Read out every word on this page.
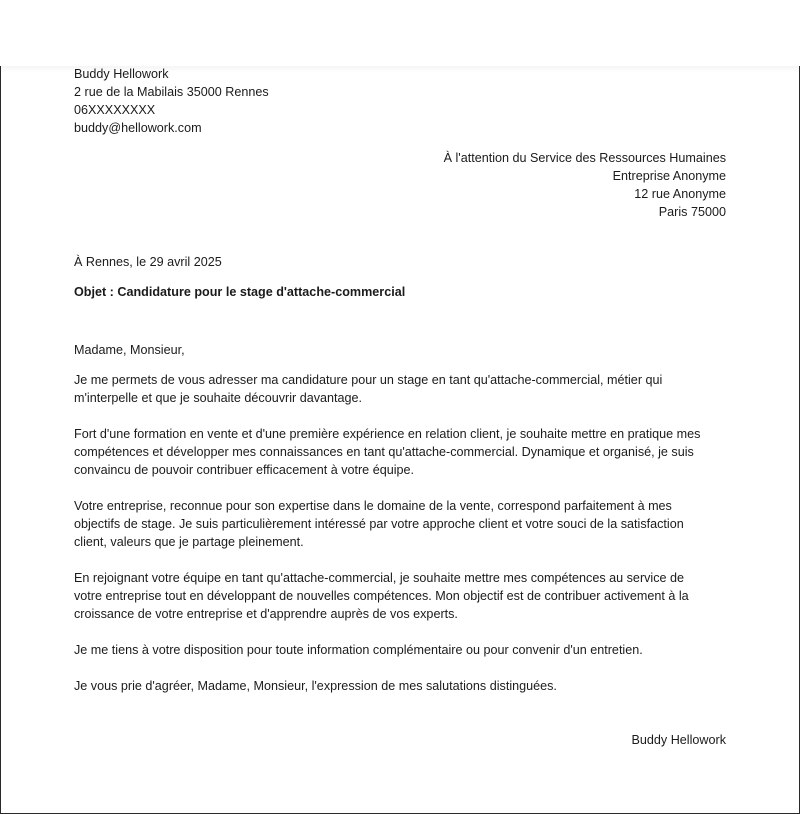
Buddy Hellowork
2 rue de la Mabilais 35000 Rennes
06XXXXXXXX
buddy@hellowork.com
À l'attention du Service des Ressources Humaines
Entreprise Anonyme
12 rue Anonyme
Paris 75000
À Rennes, le 29 avril 2025
Objet : Candidature pour le stage d'attache-commercial
Madame, Monsieur,
Je me permets de vous adresser ma candidature pour un stage en tant qu'attache-commercial, métier qui
m'interpelle et que je souhaite découvrir davantage.
Fort d'une formation en vente et d'une première expérience en relation client, je souhaite mettre en pratique mes
compétences et développer mes connaissances en tant qu'attache-commercial. Dynamique et organisé, je suis
convaincu de pouvoir contribuer efficacement à votre équipe.
Votre entreprise, reconnue pour son expertise dans le domaine de la vente, correspond parfaitement à mes
objectifs de stage. Je suis particulièrement intéressé par votre approche client et votre souci de la satisfaction
client, valeurs que je partage pleinement.
En rejoignant votre équipe en tant qu'attache-commercial, je souhaite mettre mes compétences au service de
votre entreprise tout en développant de nouvelles compétences. Mon objectif est de contribuer activement à la
croissance de votre entreprise et d'apprendre auprès de vos experts.
Je me tiens à votre disposition pour toute information complémentaire ou pour convenir d'un entretien.
Je vous prie d'agréer, Madame, Monsieur, l'expression de mes salutations distinguées.
Buddy Hellowork
